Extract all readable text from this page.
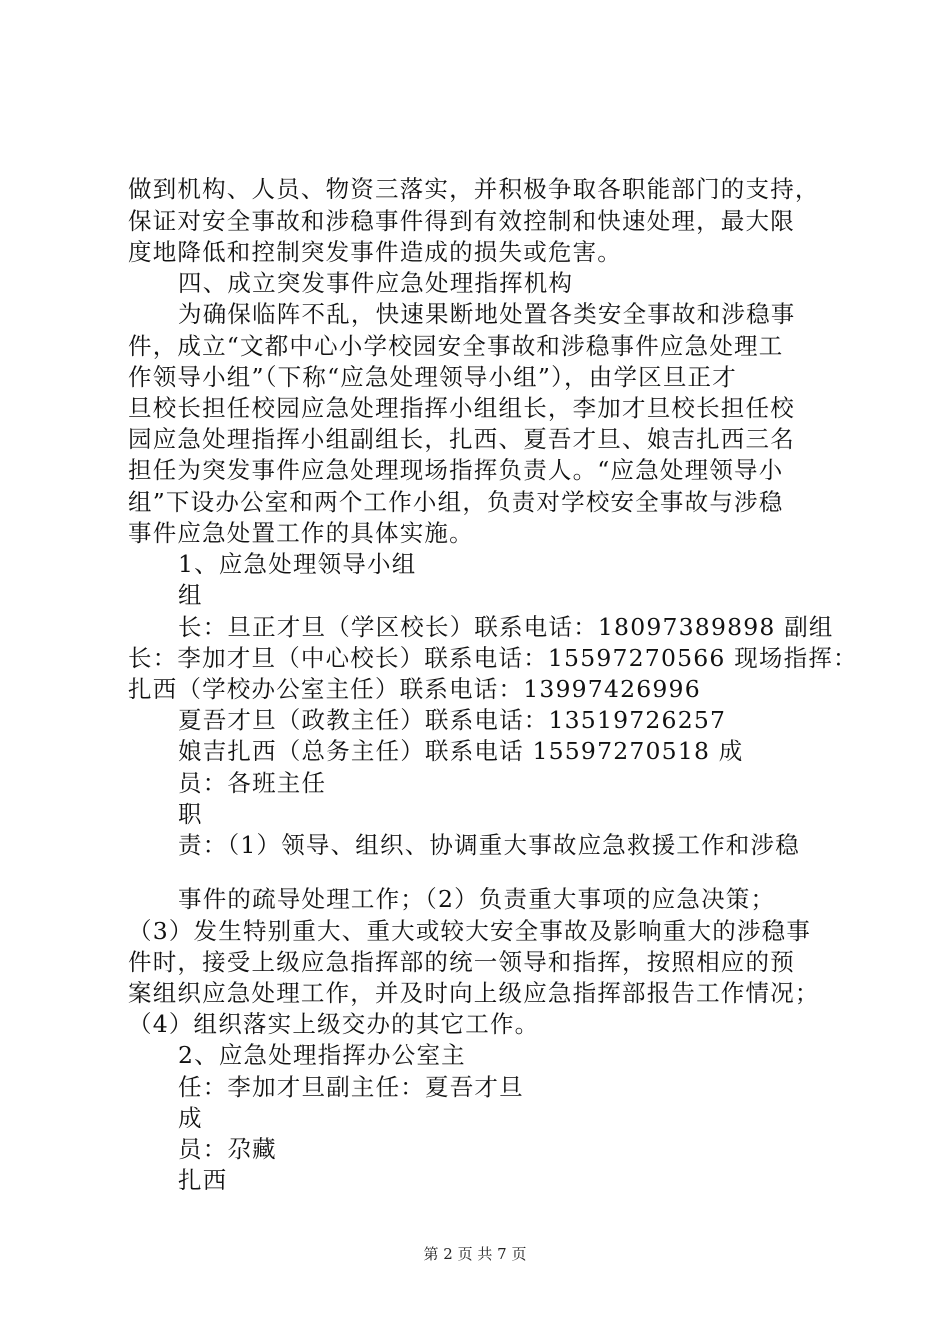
做到机构、人员、物资三落实，并积极争取各职能部门的支持，
保证对安全事故和涉稳事件得到有效控制和快速处理，最大限
度地降低和控制突发事件造成的损失或危害。
四、成立突发事件应急处理指挥机构
为确保临阵不乱，快速果断地处置各类安全事故和涉稳事
件，成立“文都中心小学校园安全事故和涉稳事件应急处理工
作领导小组”（下称“应急处理领导小组”），由学区旦正才
旦校长担任校园应急处理指挥小组组长，李加才旦校长担任校
园应急处理指挥小组副组长，扎西、夏吾才旦、娘吉扎西三名
担任为突发事件应急处理现场指挥负责人。“应急处理领导小
组”下设办公室和两个工作小组，负责对学校安全事故与涉稳
事件应急处置工作的具体实施。
1、应急处理领导小组
组
长：旦正才旦（学区校长）联系电话：18097389898 副组
长：李加才旦（中心校长）联系电话：15597270566 现场指挥：
扎西（学校办公室主任）联系电话：13997426996
夏吾才旦（政教主任）联系电话：13519726257
娘吉扎西（总务主任）联系电话 15597270518 成
员：各班主任
职
责：（1）领导、组织、协调重大事故应急救援工作和涉稳
事件的疏导处理工作；（2）负责重大事项的应急决策；
（3）发生特别重大、重大或较大安全事故及影响重大的涉稳事
件时，接受上级应急指挥部的统一领导和指挥，按照相应的预
案组织应急处理工作，并及时向上级应急指挥部报告工作情况；
（4）组织落实上级交办的其它工作。
2、应急处理指挥办公室主
任：李加才旦副主任：夏吾才旦
成
员：尕藏
扎西
第 2 页 共 7 页
